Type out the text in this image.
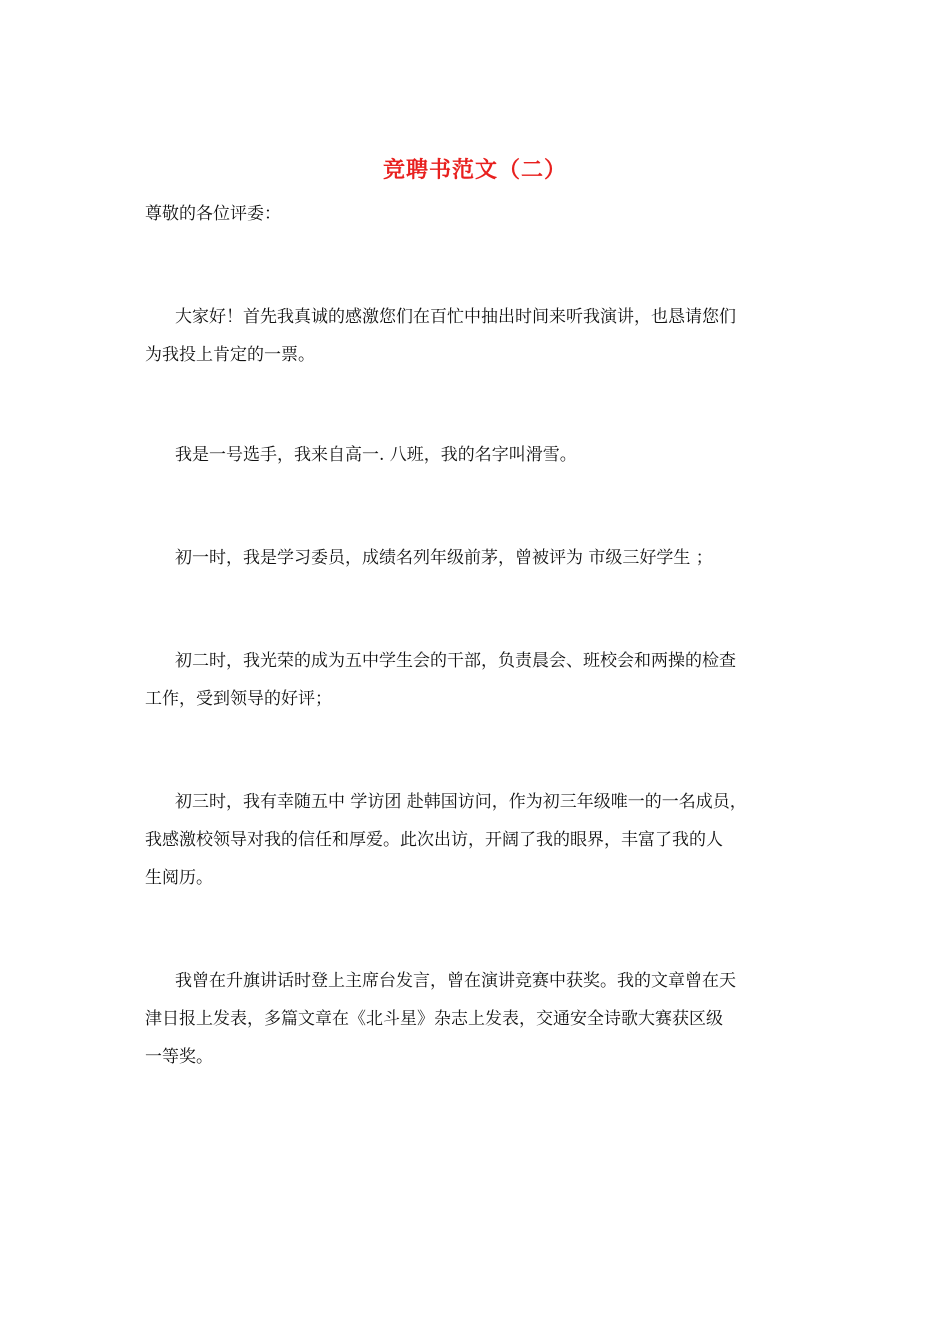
竞聘书范文（二）
尊敬的各位评委：
大家好！首先我真诚的感激您们在百忙中抽出时间来听我演讲，也恳请您们
为我投上肯定的一票。
我是一号选手，我来自高一. 八班，我的名字叫滑雪。
初一时，我是学习委员，成绩名列年级前茅，曾被评为 市级三好学生 ；
初二时，我光荣的成为五中学生会的干部，负责晨会、班校会和两操的检查
工作，受到领导的好评；
初三时，我有幸随五中 学访团 赴韩国访问，作为初三年级唯一的一名成员，
我感激校领导对我的信任和厚爱。此次出访，开阔了我的眼界，丰富了我的人
生阅历。
我曾在升旗讲话时登上主席台发言，曾在演讲竞赛中获奖。我的文章曾在天
津日报上发表，多篇文章在《北斗星》杂志上发表，交通安全诗歌大赛获区级
一等奖。
